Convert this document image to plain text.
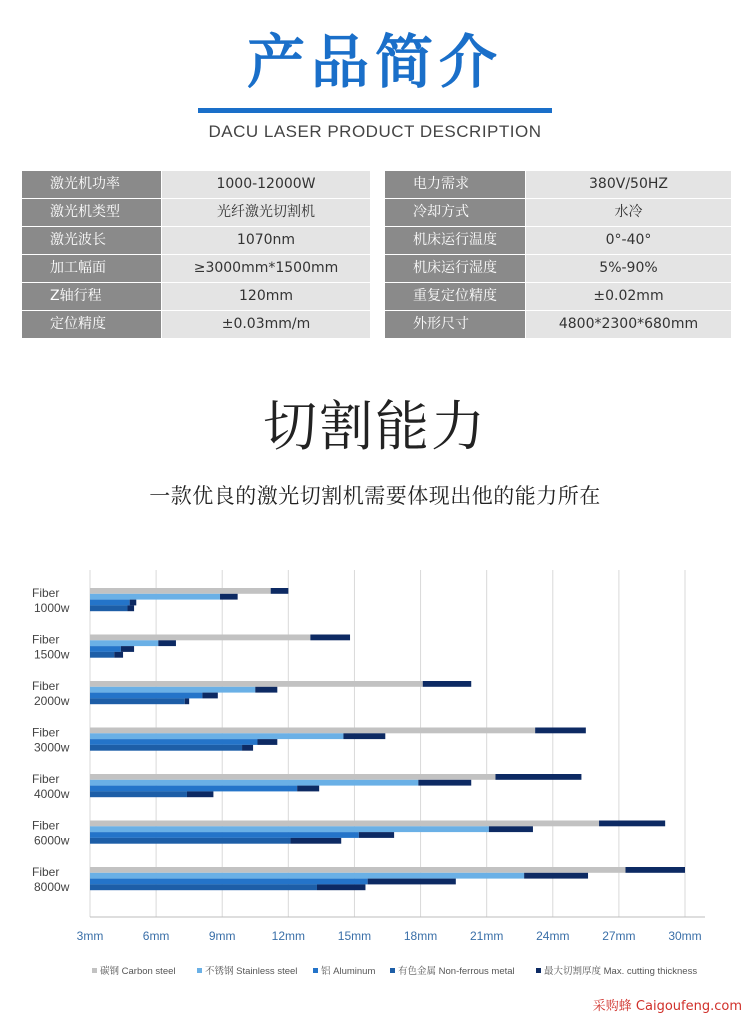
产品简介
DACU LASER PRODUCT DESCRIPTION
激光机功率	1000-12000W
激光机类型	光纤激光切割机
激光波长	1070nm
加工幅面	≥3000mm*1500mm
Z轴行程	120mm
定位精度	±0.03mm/m
电力需求	380V/50HZ
冷却方式	水冷
机床运行温度	0°-40°
机床运行湿度	5%-90%
重复定位精度	±0.02mm
外形尺寸	4800*2300*680mm
切割能力
一款优良的激光切割机需要体现出他的能力所在
3mm	6mm	9mm	12mm	15mm	18mm	21mm	24mm	27mm	30mm
Fiber
1000w
Fiber
1500w
Fiber
2000w
Fiber
3000w
Fiber
4000w
Fiber
6000w
Fiber
8000w
碳钢 Carbon steel	不锈钢 Stainless steel 铝 Aluminum 有色金属 Non-ferrous metal	最大切割厚度 Max. cutting thickness
采购蜂 Caigoufeng.com
